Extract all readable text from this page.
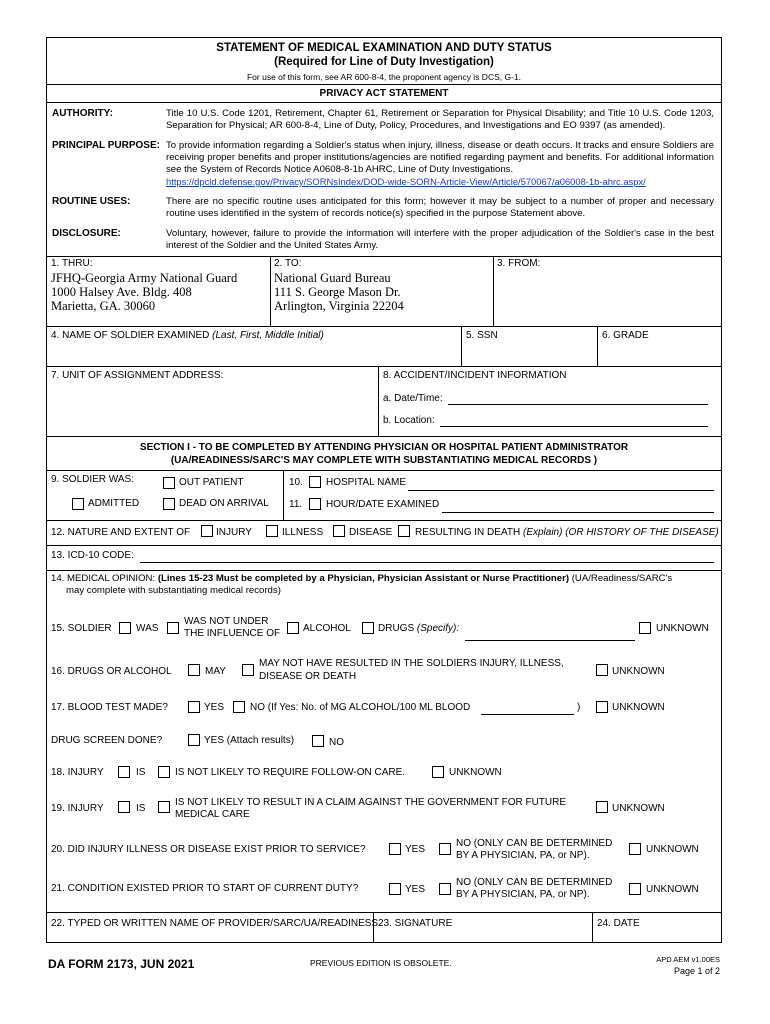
STATEMENT OF MEDICAL EXAMINATION AND DUTY STATUS
(Required for Line of Duty Investigation)
For use of this form, see AR 600-8-4, the proponent agency is DCS, G-1.
PRIVACY ACT STATEMENT
AUTHORITY:	Title 10 U.S. Code 1201, Retirement, Chapter 61, Retirement or Separation for Physical Disability; and Title 10 U.S. Code 1203, Separation for Physical; AR 600-8-4, Line of Duty, Policy, Procedures, and Investigations and EO 9397 (as amended).
PRINCIPAL PURPOSE: To provide information regarding a Soldier's status when injury, illness, disease or death occurs. It tracks and ensure Soldiers are receiving proper benefits and proper institutions/agencies are notified regarding payment and benefits. For additional information see the System of Records Notice A0608-8-1b AHRC, Line of Duty Investigations.
https://dpcld.defense.gov/Privacy/SORNsIndex/DOD-wide-SORN-Article-View/Article/570067/a06008-1b-ahrc.aspx/
ROUTINE USES:	There are no specific routine uses anticipated for this form; however it may be subject to a number of proper and necessary routine uses identified in the system of records notice(s) specified in the purpose Statement above.
DISCLOSURE:	Voluntary, however, failure to provide the information will interfere with the proper adjudication of the Soldier's case in the best interest of the Soldier and the United States Army.
1. THRU:
JFHQ-Georgia Army National Guard
1000 Halsey Ave. Bldg. 408
Marietta, GA. 30060
2. TO:
National Guard Bureau
111 S. George Mason Dr.
Arlington, Virginia 22204
3. FROM:
4. NAME OF SOLDIER EXAMINED (Last, First, Middle Initial)	5. SSN	6. GRADE
7. UNIT OF ASSIGNMENT ADDRESS:	8. ACCIDENT/INCIDENT INFORMATION
a. Date/Time:
b. Location:
SECTION I - TO BE COMPLETED BY ATTENDING PHYSICIAN OR HOSPITAL PATIENT ADMINISTRATOR
(UA/READINESS/SARC'S MAY COMPLETE WITH SUBSTANTIATING MEDICAL RECORDS )
9. SOLDIER WAS:	OUT PATIENT
ADMITTED	DEAD ON ARRIVAL
10. HOSPITAL NAME
11. HOUR/DATE EXAMINED
12. NATURE AND EXTENT OF	INJURY	ILLNESS	DISEASE RESULTING IN DEATH (Explain) (OR HISTORY OF THE DISEASE)
13. ICD-10 CODE:
14. MEDICAL OPINION: (Lines 15-23 Must be completed by a Physician, Physician Assistant or Nurse Practitioner) (UA/Readiness/SARC's
may complete with substantiating medical records)
15. SOLDIER WAS
WAS NOT UNDER
THE INFLUENCE OF ALCOHOL	DRUGS (Specify):	UNKNOWN
16. DRUGS OR ALCOHOL	MAY
MAY NOT HAVE RESULTED IN THE SOLDIERS INJURY, ILLNESS,
DISEASE OR DEATH	UNKNOWN
17. BLOOD TEST MADE?	YES	NO (If Yes: No. of MG ALCOHOL/100 ML BLOOD	)	UNKNOWN
DRUG SCREEN DONE?	YES (Attach results)	NO
18. INJURY	IS	IS NOT LIKELY TO REQUIRE FOLLOW-ON CARE.	UNKNOWN
19. INJURY	IS
IS NOT LIKELY TO RESULT IN A CLAIM AGAINST THE GOVERNMENT FOR FUTURE
MEDICAL CARE
UNKNOWN
20. DID INJURY ILLNESS OR DISEASE EXIST PRIOR TO SERVICE?	YES
NO (ONLY CAN BE DETERMINED
BY A PHYSICIAN, PA, or NP).
UNKNOWN
21. CONDITION EXISTED PRIOR TO START OF CURRENT DUTY?	YES
NO (ONLY CAN BE DETERMINED
BY A PHYSICIAN, PA, or NP).	UNKNOWN
22. TYPED OR WRITTEN NAME OF PROVIDER/SARC/UA/READINESS 23. SIGNATURE	24. DATE
DA FORM 2173, JUN 2021	PREVIOUS EDITION IS OBSOLETE.	APD AEM v1.00ES
Page 1 of 2
